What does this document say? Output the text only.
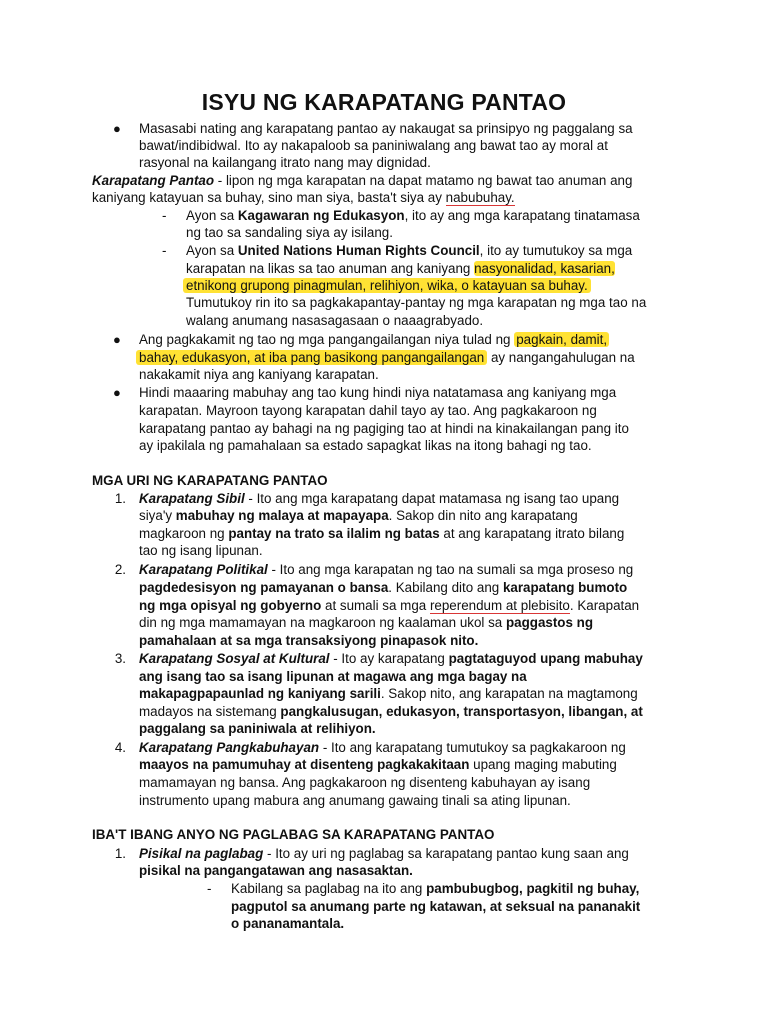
ISYU NG KARAPATANG PANTAO
●	Masasabi nating ang karapatang pantao ay nakaugat sa prinsipyo ng paggalang sa
bawat/indibidwal. Ito ay nakapaloob sa paniniwalang ang bawat tao ay moral at
rasyonal na kailangang itrato nang may dignidad.
Karapatang Pantao - lipon ng mga karapatan na dapat matamo ng bawat tao anuman ang
kaniyang katayuan sa buhay, sino man siya, basta't siya ay nabubuhay.
- Ayon sa Kagawaran ng Edukasyon, ito ay ang mga karapatang tinatamasa
ng tao sa sandaling siya ay isilang.
- Ayon sa United Nations Human Rights Council, ito ay tumutukoy sa mga
karapatan na likas sa tao anuman ang kaniyang nasyonalidad, kasarian,
etnikong grupong pinagmulan, relihiyon, wika, o katayuan sa buhay.
Tumutukoy rin ito sa pagkakapantay-pantay ng mga karapatan ng mga tao na
walang anumang nasasagasaan o naaagrabyado.
●	Ang pagkakamit ng tao ng mga pangangailangan niya tulad ng pagkain, damit,
bahay, edukasyon, at iba pang basikong pangangailangan ay nangangahulugan na
nakakamit niya ang kaniyang karapatan.
●	Hindi maaaring mabuhay ang tao kung hindi niya natatamasa ang kaniyang mga
karapatan. Mayroon tayong karapatan dahil tayo ay tao. Ang pagkakaroon ng
karapatang pantao ay bahagi na ng pagiging tao at hindi na kinakailangan pang ito
ay ipakilala ng pamahalaan sa estado sapagkat likas na itong bahagi ng tao.
MGA URI NG KARAPATANG PANTAO
1. Karapatang Sibil - Ito ang mga karapatang dapat matamasa ng isang tao upang
siya'y mabuhay ng malaya at mapayapa. Sakop din nito ang karapatang
magkaroon ng pantay na trato sa ilalim ng batas at ang karapatang itrato bilang
tao ng isang lipunan.
2. Karapatang Politikal - Ito ang mga karapatan ng tao na sumali sa mga proseso ng
pagdedesisyon ng pamayanan o bansa. Kabilang dito ang karapatang bumoto
ng mga opisyal ng gobyerno at sumali sa mga reperendum at plebisito. Karapatan
din ng mga mamamayan na magkaroon ng kaalaman ukol sa paggastos ng
pamahalaan at sa mga transaksiyong pinapasok nito.
3. Karapatang Sosyal at Kultural - Ito ay karapatang pagtataguyod upang mabuhay
ang isang tao sa isang lipunan at magawa ang mga bagay na
makapagpapaunlad ng kaniyang sarili. Sakop nito, ang karapatan na magtamong
madayos na sistemang pangkalusugan, edukasyon, transportasyon, libangan, at
paggalang sa paniniwala at relihiyon.
4. Karapatang Pangkabuhayan - Ito ang karapatang tumutukoy sa pagkakaroon ng
maayos na pamumuhay at disenteng pagkakakitaan upang maging mabuting
mamamayan ng bansa. Ang pagkakaroon ng disenteng kabuhayan ay isang
instrumento upang mabura ang anumang gawaing tinali sa ating lipunan.
IBA'T IBANG ANYO NG PAGLABAG SA KARAPATANG PANTAO
1. Pisikal na paglabag - Ito ay uri ng paglabag sa karapatang pantao kung saan ang
pisikal na pangangatawan ang nasasaktan.
- Kabilang sa paglabag na ito ang pambubugbog, pagkitil ng buhay,
pagputol sa anumang parte ng katawan, at seksual na pananakit
o pananamantala.
